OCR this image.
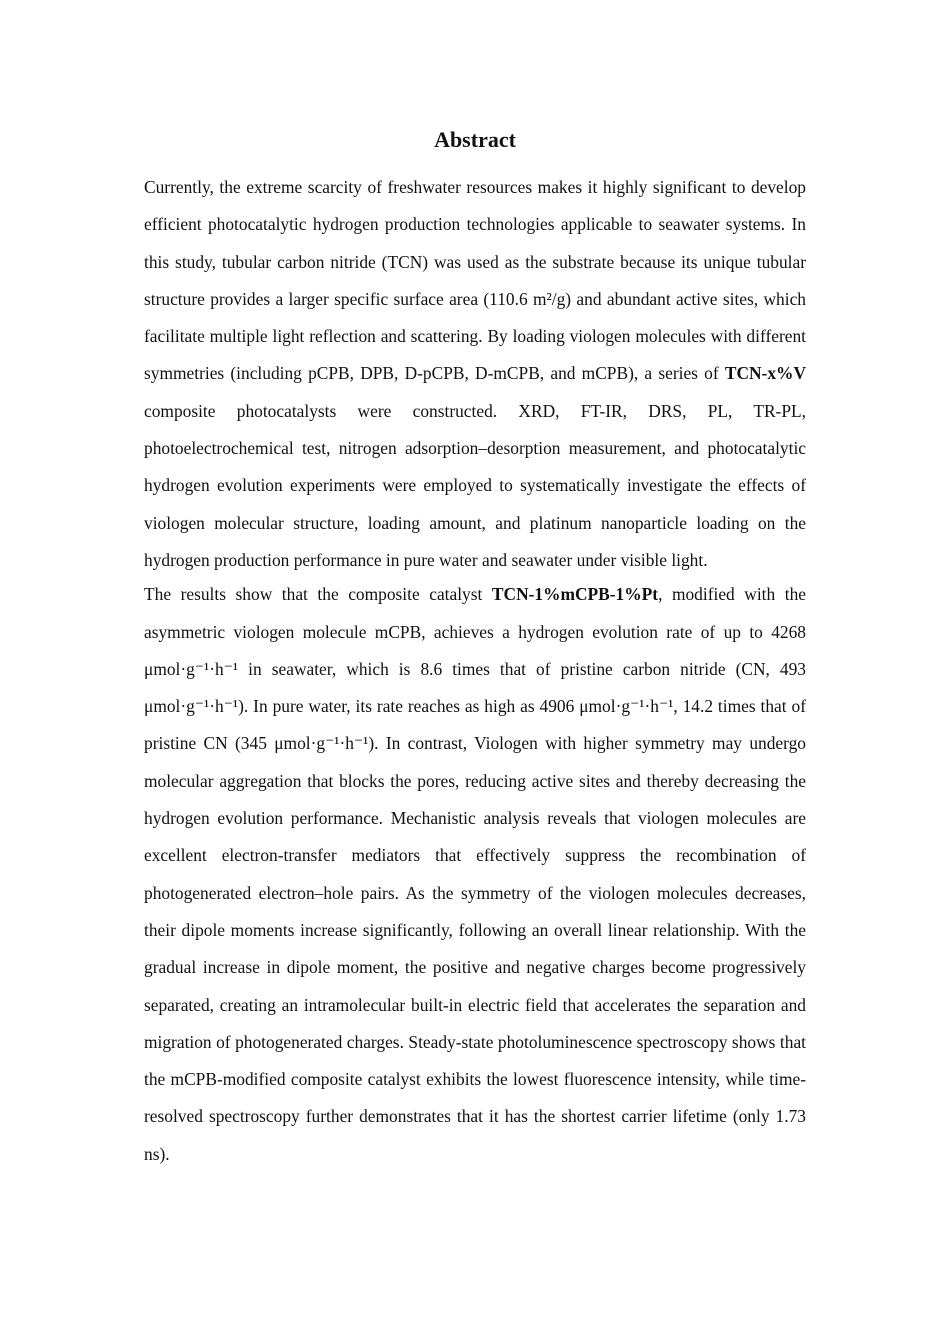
Abstract

Currently, the extreme scarcity of freshwater resources makes it highly significant to develop efficient photocatalytic hydrogen production technologies applicable to seawater systems. In this study, tubular carbon nitride (TCN) was used as the substrate because its unique tubular structure provides a larger specific surface area (110.6 m²/g) and abundant active sites, which facilitate multiple light reflection and scattering. By loading viologen molecules with different symmetries (including pCPB, DPB, D-pCPB, D-mCPB, and mCPB), a series of TCN-x%V composite photocatalysts were constructed. XRD, FT-IR, DRS, PL, TR-PL, photoelectrochemical test, nitrogen adsorption–desorption measurement, and photocatalytic hydrogen evolution experiments were employed to systematically investigate the effects of viologen molecular structure, loading amount, and platinum nanoparticle loading on the hydrogen production performance in pure water and seawater under visible light.

The results show that the composite catalyst TCN-1%mCPB-1%Pt, modified with the asymmetric viologen molecule mCPB, achieves a hydrogen evolution rate of up to 4268 μmol·g⁻¹·h⁻¹ in seawater, which is 8.6 times that of pristine carbon nitride (CN, 493 μmol·g⁻¹·h⁻¹). In pure water, its rate reaches as high as 4906 μmol·g⁻¹·h⁻¹, 14.2 times that of pristine CN (345 μmol·g⁻¹·h⁻¹). In contrast, Viologen with higher symmetry may undergo molecular aggregation that blocks the pores, reducing active sites and thereby decreasing the hydrogen evolution performance. Mechanistic analysis reveals that viologen molecules are excellent electron-transfer mediators that effectively suppress the recombination of photogenerated electron–hole pairs. As the symmetry of the viologen molecules decreases, their dipole moments increase significantly, following an overall linear relationship. With the gradual increase in dipole moment, the positive and negative charges become progressively separated, creating an intramolecular built-in electric field that accelerates the separation and migration of photogenerated charges. Steady-state photoluminescence spectroscopy shows that the mCPB-modified composite catalyst exhibits the lowest fluorescence intensity, while time-resolved spectroscopy further demonstrates that it has the shortest carrier lifetime (only 1.73 ns).
